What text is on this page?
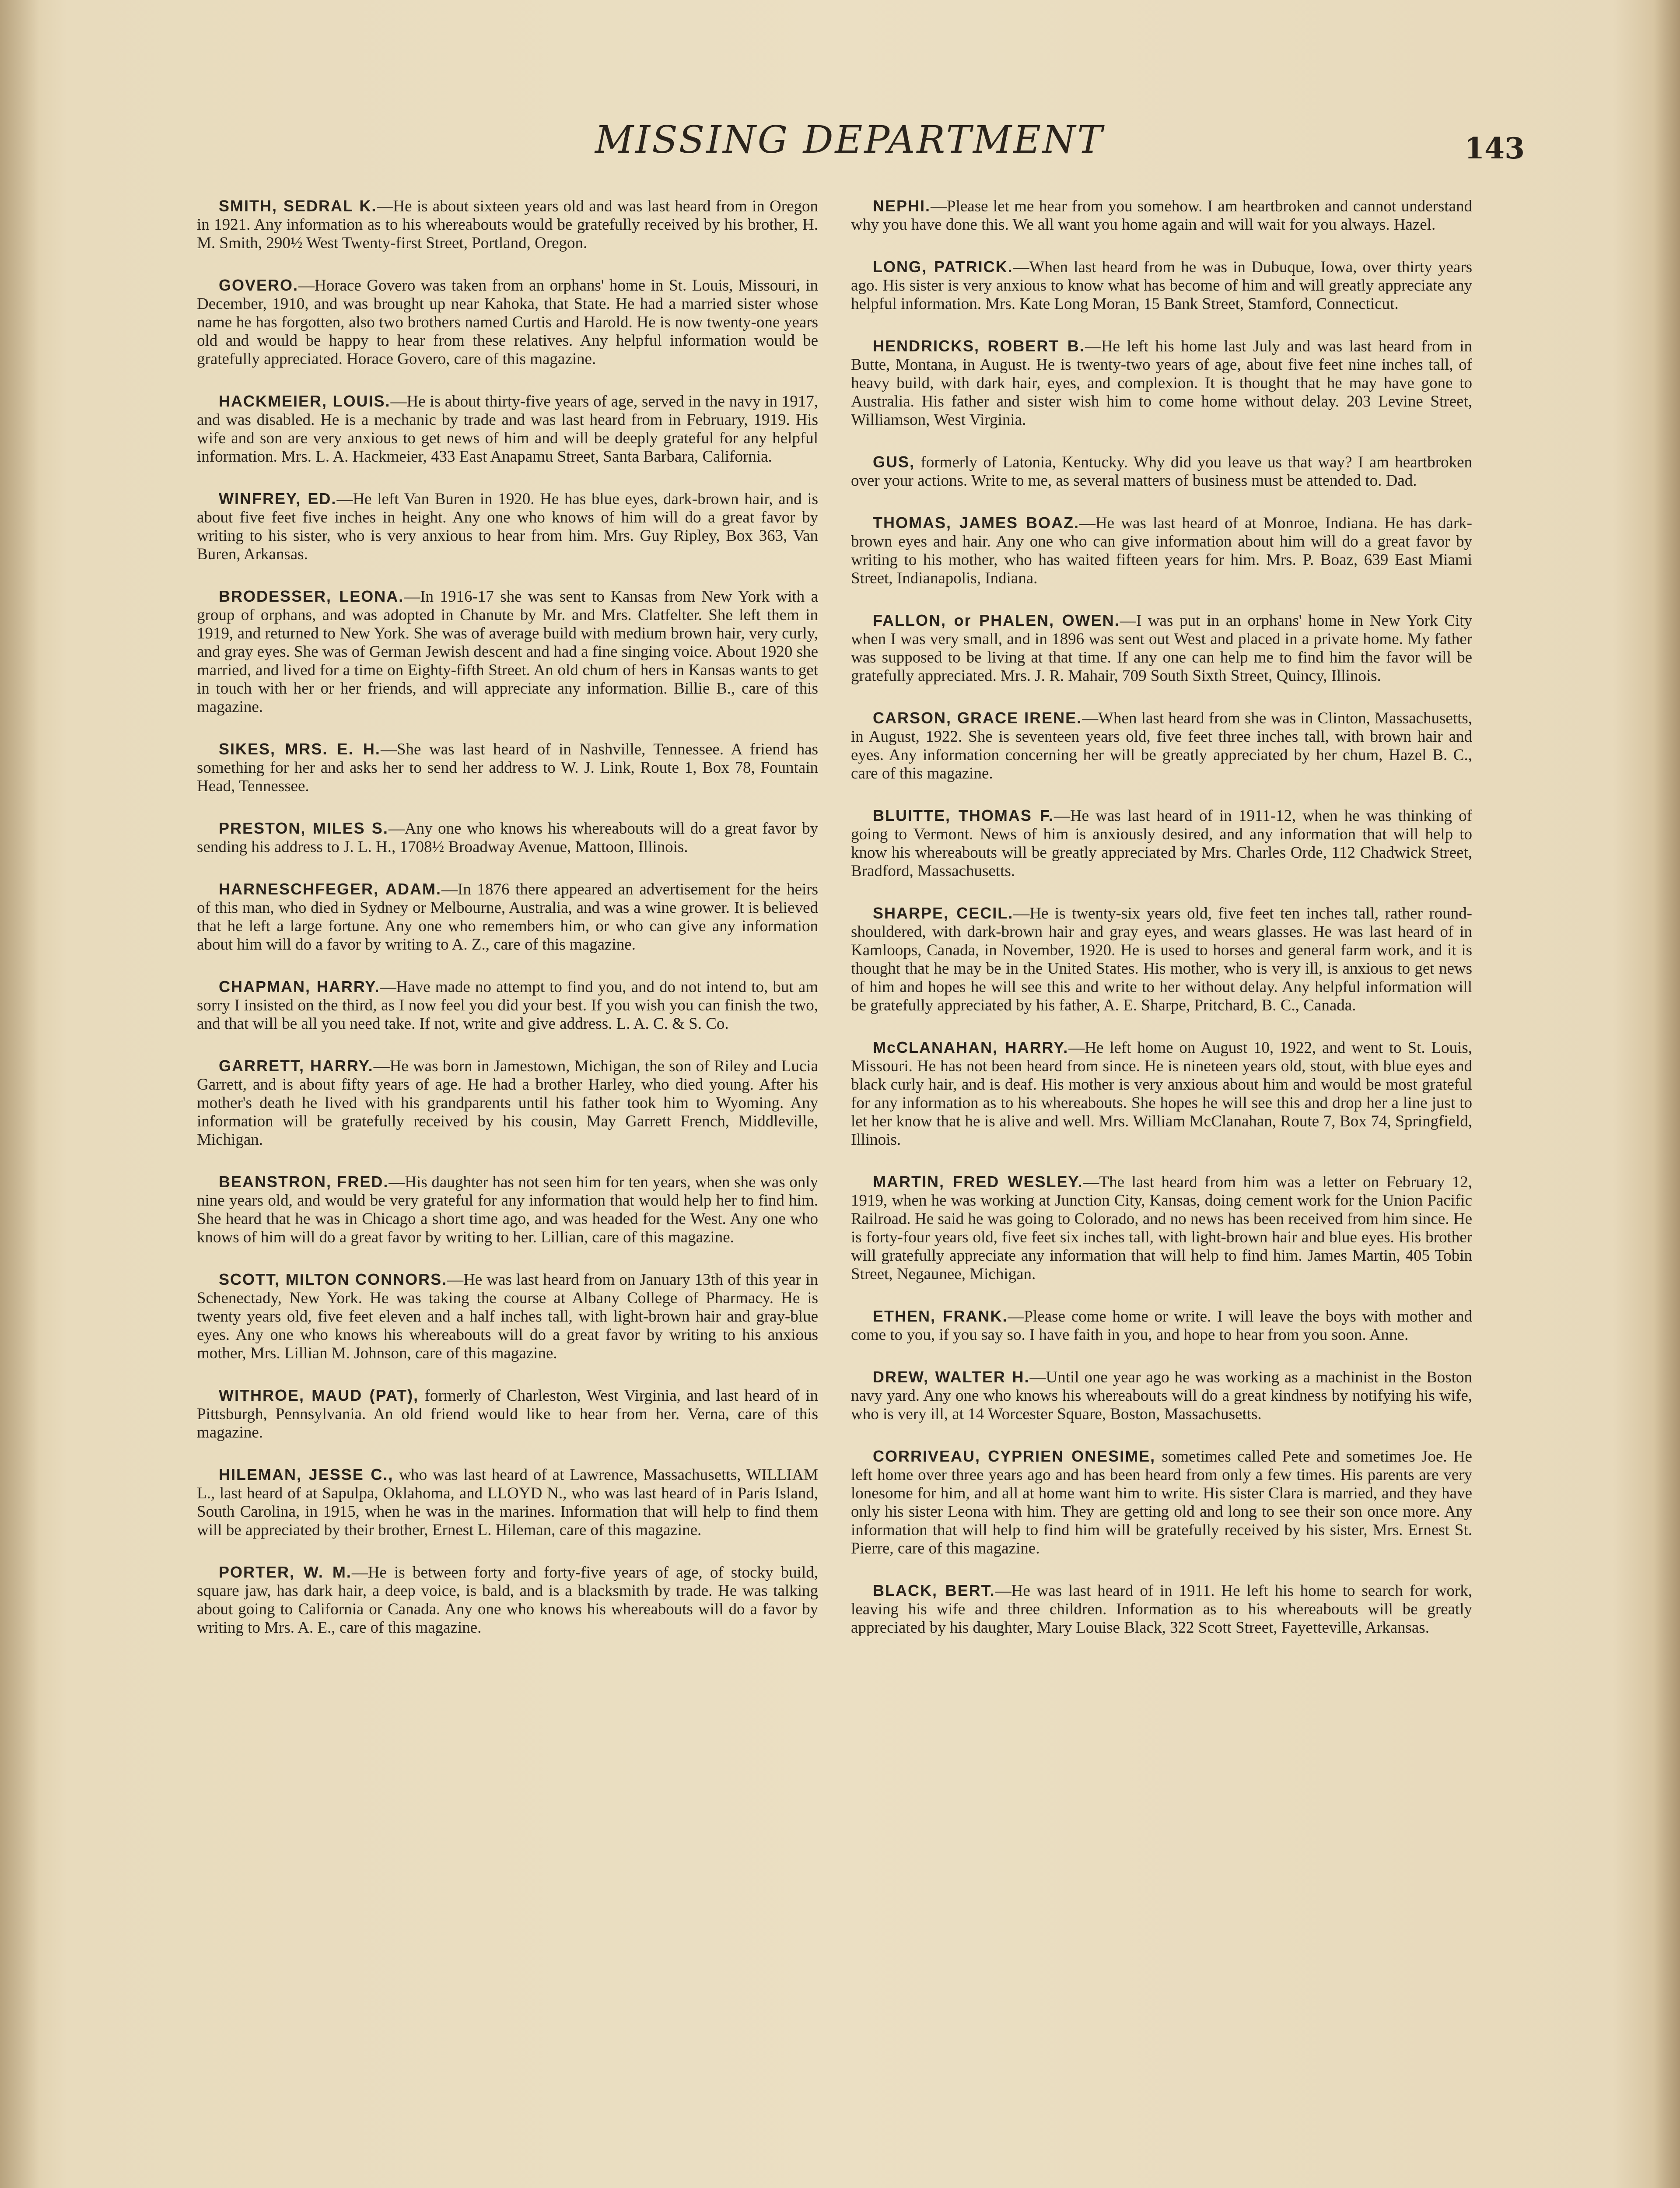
MISSING DEPARTMENT	143

SMITH, SEDRAL K.—He is about sixteen years old and was last heard from in Oregon in 1921. Any information as to his whereabouts would be gratefully received by his brother, H. M. Smith, 290½ West Twenty-first Street, Portland, Oregon.

GOVERO.—Horace Govero was taken from an orphans' home in St. Louis, Missouri, in December, 1910, and was brought up near Kahoka, that State. He had a married sister whose name he has forgotten, also two brothers named Curtis and Harold. He is now twenty-one years old and would be happy to hear from these relatives. Any helpful information would be gratefully appreciated. Horace Govero, care of this magazine.

HACKMEIER, LOUIS.—He is about thirty-five years of age, served in the navy in 1917, and was disabled. He is a mechanic by trade and was last heard from in February, 1919. His wife and son are very anxious to get news of him and will be deeply grateful for any helpful information. Mrs. L. A. Hackmeier, 433 East Anapamu Street, Santa Barbara, California.

WINFREY, ED.—He left Van Buren in 1920. He has blue eyes, dark-brown hair, and is about five feet five inches in height. Any one who knows of him will do a great favor by writing to his sister, who is very anxious to hear from him. Mrs. Guy Ripley, Box 363, Van Buren, Arkansas.

BRODESSER, LEONA.—In 1916-17 she was sent to Kansas from New York with a group of orphans, and was adopted in Chanute by Mr. and Mrs. Clatfelter. She left them in 1919, and returned to New York. She was of average build with medium brown hair, very curly, and gray eyes. She was of German Jewish descent and had a fine singing voice. About 1920 she married, and lived for a time on Eighty-fifth Street. An old chum of hers in Kansas wants to get in touch with her or her friends, and will appreciate any information. Billie B., care of this magazine.

SIKES, MRS. E. H.—She was last heard of in Nashville, Tennessee. A friend has something for her and asks her to send her address to W. J. Link, Route 1, Box 78, Fountain Head, Tennessee.

PRESTON, MILES S.—Any one who knows his whereabouts will do a great favor by sending his address to J. L. H., 1708½ Broadway Avenue, Mattoon, Illinois.

HARNESCHFEGER, ADAM.—In 1876 there appeared an advertisement for the heirs of this man, who died in Sydney or Melbourne, Australia, and was a wine grower. It is believed that he left a large fortune. Any one who remembers him, or who can give any information about him will do a favor by writing to A. Z., care of this magazine.

CHAPMAN, HARRY.—Have made no attempt to find you, and do not intend to, but am sorry I insisted on the third, as I now feel you did your best. If you wish you can finish the two, and that will be all you need take. If not, write and give address. L. A. C. & S. Co.

GARRETT, HARRY.—He was born in Jamestown, Michigan, the son of Riley and Lucia Garrett, and is about fifty years of age. He had a brother Harley, who died young. After his mother's death he lived with his grandparents until his father took him to Wyoming. Any information will be gratefully received by his cousin, May Garrett French, Middleville, Michigan.

BEANSTRON, FRED.—His daughter has not seen him for ten years, when she was only nine years old, and would be very grateful for any information that would help her to find him. She heard that he was in Chicago a short time ago, and was headed for the West. Any one who knows of him will do a great favor by writing to her. Lillian, care of this magazine.

SCOTT, MILTON CONNORS.—He was last heard from on January 13th of this year in Schenectady, New York. He was taking the course at Albany College of Pharmacy. He is twenty years old, five feet eleven and a half inches tall, with light-brown hair and gray-blue eyes. Any one who knows his whereabouts will do a great favor by writing to his anxious mother, Mrs. Lillian M. Johnson, care of this magazine.

WITHROE, MAUD (PAT), formerly of Charleston, West Virginia, and last heard of in Pittsburgh, Pennsylvania. An old friend would like to hear from her. Verna, care of this magazine.

HILEMAN, JESSE C., who was last heard of at Lawrence, Massachusetts, WILLIAM L., last heard of at Sapulpa, Oklahoma, and LLOYD N., who was last heard of in Paris Island, South Carolina, in 1915, when he was in the marines. Information that will help to find them will be appreciated by their brother, Ernest L. Hileman, care of this magazine.

PORTER, W. M.—He is between forty and forty-five years of age, of stocky build, square jaw, has dark hair, a deep voice, is bald, and is a blacksmith by trade. He was talking about going to California or Canada. Any one who knows his whereabouts will do a favor by writing to Mrs. A. E., care of this magazine.

NEPHI.—Please let me hear from you somehow. I am heartbroken and cannot understand why you have done this. We all want you home again and will wait for you always. Hazel.

LONG, PATRICK.—When last heard from he was in Dubuque, Iowa, over thirty years ago. His sister is very anxious to know what has become of him and will greatly appreciate any helpful information. Mrs. Kate Long Moran, 15 Bank Street, Stamford, Connecticut.

HENDRICKS, ROBERT B.—He left his home last July and was last heard from in Butte, Montana, in August. He is twenty-two years of age, about five feet nine inches tall, of heavy build, with dark hair, eyes, and complexion. It is thought that he may have gone to Australia. His father and sister wish him to come home without delay. 203 Levine Street, Williamson, West Virginia.

GUS, formerly of Latonia, Kentucky. Why did you leave us that way? I am heartbroken over your actions. Write to me, as several matters of business must be attended to. Dad.

THOMAS, JAMES BOAZ.—He was last heard of at Monroe, Indiana. He has dark-brown eyes and hair. Any one who can give information about him will do a great favor by writing to his mother, who has waited fifteen years for him. Mrs. P. Boaz, 639 East Miami Street, Indianapolis, Indiana.

FALLON, or PHALEN, OWEN.—I was put in an orphans' home in New York City when I was very small, and in 1896 was sent out West and placed in a private home. My father was supposed to be living at that time. If any one can help me to find him the favor will be gratefully appreciated. Mrs. J. R. Mahair, 709 South Sixth Street, Quincy, Illinois.

CARSON, GRACE IRENE.—When last heard from she was in Clinton, Massachusetts, in August, 1922. She is seventeen years old, five feet three inches tall, with brown hair and eyes. Any information concerning her will be greatly appreciated by her chum, Hazel B. C., care of this magazine.

BLUITTE, THOMAS F.—He was last heard of in 1911-12, when he was thinking of going to Vermont. News of him is anxiously desired, and any information that will help to know his whereabouts will be greatly appreciated by Mrs. Charles Orde, 112 Chadwick Street, Bradford, Massachusetts.

SHARPE, CECIL.—He is twenty-six years old, five feet ten inches tall, rather round-shouldered, with dark-brown hair and gray eyes, and wears glasses. He was last heard of in Kamloops, Canada, in November, 1920. He is used to horses and general farm work, and it is thought that he may be in the United States. His mother, who is very ill, is anxious to get news of him and hopes he will see this and write to her without delay. Any helpful information will be gratefully appreciated by his father, A. E. Sharpe, Pritchard, B. C., Canada.

McCLANAHAN, HARRY.—He left home on August 10, 1922, and went to St. Louis, Missouri. He has not been heard from since. He is nineteen years old, stout, with blue eyes and black curly hair, and is deaf. His mother is very anxious about him and would be most grateful for any information as to his whereabouts. She hopes he will see this and drop her a line just to let her know that he is alive and well. Mrs. William McClanahan, Route 7, Box 74, Springfield, Illinois.

MARTIN, FRED WESLEY.—The last heard from him was a letter on February 12, 1919, when he was working at Junction City, Kansas, doing cement work for the Union Pacific Railroad. He said he was going to Colorado, and no news has been received from him since. He is forty-four years old, five feet six inches tall, with light-brown hair and blue eyes. His brother will gratefully appreciate any information that will help to find him. James Martin, 405 Tobin Street, Negaunee, Michigan.

ETHEN, FRANK.—Please come home or write. I will leave the boys with mother and come to you, if you say so. I have faith in you, and hope to hear from you soon. Anne.

DREW, WALTER H.—Until one year ago he was working as a machinist in the Boston navy yard. Any one who knows his whereabouts will do a great kindness by notifying his wife, who is very ill, at 14 Worcester Square, Boston, Massachusetts.

CORRIVEAU, CYPRIEN ONESIME, sometimes called Pete and sometimes Joe. He left home over three years ago and has been heard from only a few times. His parents are very lonesome for him, and all at home want him to write. His sister Clara is married, and they have only his sister Leona with him. They are getting old and long to see their son once more. Any information that will help to find him will be gratefully received by his sister, Mrs. Ernest St. Pierre, care of this magazine.

BLACK, BERT.—He was last heard of in 1911. He left his home to search for work, leaving his wife and three children. Information as to his whereabouts will be greatly appreciated by his daughter, Mary Louise Black, 322 Scott Street, Fayetteville, Arkansas.
